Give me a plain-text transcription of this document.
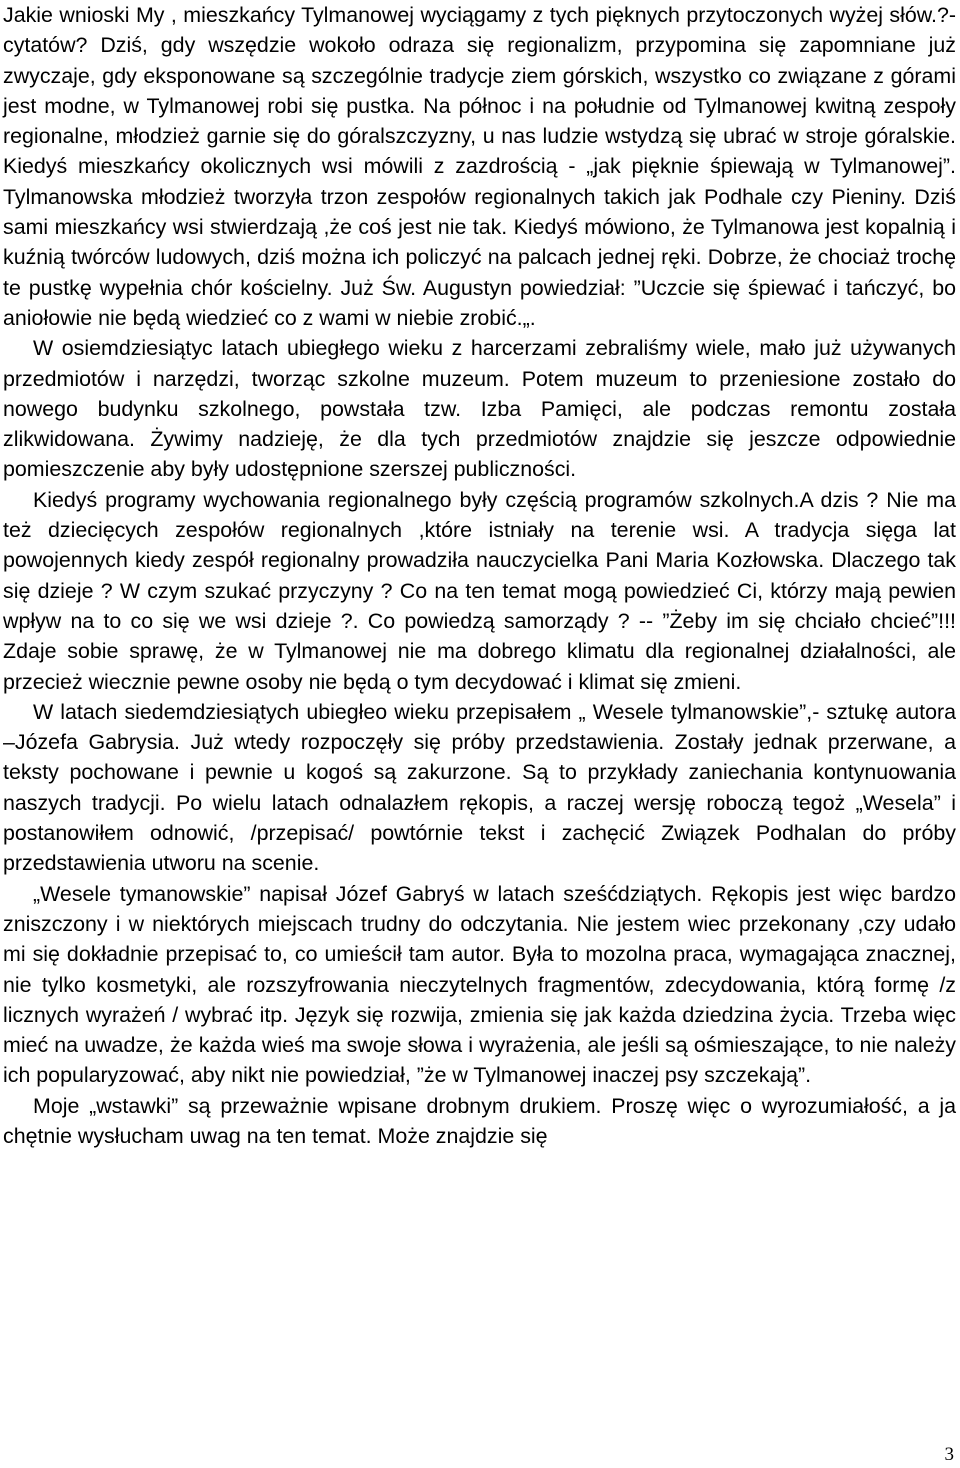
Jakie wnioski My , mieszkańcy Tylmanowej wyciągamy z tych pięknych przytoczonych wyżej słów.?-cytatów? Dziś, gdy wszędzie wokoło odraza się regionalizm, przypomina się zapomniane już zwyczaje, gdy eksponowane są szczególnie tradycje ziem górskich, wszystko co związane z górami jest modne, w Tylmanowej robi się pustka. Na północ i na południe od Tylmanowej kwitną zespoły regionalne, młodzież garnie się do góralszczyzny, u nas ludzie wstydzą się ubrać w stroje góralskie. Kiedyś mieszkańcy okolicznych wsi mówili z zazdrością - „jak pięknie śpiewają w Tylmanowej”. Tylmanowska młodzież tworzyła trzon zespołów regionalnych takich jak Podhale czy Pieniny. Dziś sami mieszkańcy wsi stwierdzają ,że coś jest nie tak. Kiedyś mówiono, że Tylmanowa jest kopalnią i kuźnią twórców ludowych, dziś można ich policzyć na palcach jednej ręki. Dobrze, że chociaż trochę te pustkę wypełnia chór kościelny. Już Św. Augustyn powiedział: ”Uczcie się śpiewać i tańczyć, bo aniołowie nie będą wiedzieć co z wami w niebie zrobić.„.

W osiemdziesiątyc latach ubiegłego wieku z harcerzami zebraliśmy wiele, mało już używanych przedmiotów i narzędzi, tworząc szkolne muzeum. Potem muzeum to przeniesione zostało do nowego budynku szkolnego, powstała tzw. Izba Pamięci, ale podczas remontu została zlikwidowana. Żywimy nadzieję, że dla tych przedmiotów znajdzie się jeszcze odpowiednie pomieszczenie aby były udostępnione szerszej publiczności.

Kiedyś programy wychowania regionalnego były częścią programów szkolnych.A dzis ? Nie ma też dziecięcych zespołów regionalnych ,które istniały na terenie wsi. A tradycja sięga lat powojennych kiedy zespół regionalny prowadziła nauczycielka Pani Maria Kozłowska. Dlaczego tak się dzieje ? W czym szukać przyczyny ? Co na ten temat mogą powiedzieć Ci, którzy mają pewien wpływ na to co się we wsi dzieje ?. Co powiedzą samorządy ? -- ”Żeby im się chciało chcieć”!!! Zdaje sobie sprawę, że w Tylmanowej nie ma dobrego klimatu dla regionalnej działalności, ale przecież wiecznie pewne osoby nie będą o tym decydować i klimat się zmieni.

W latach siedemdziesiątych ubiegłeo wieku przepisałem „ Wesele tylmanowskie”,- sztukę autora –Józefa Gabrysia. Już wtedy rozpoczęły się próby przedstawienia. Zostały jednak przerwane, a teksty pochowane i pewnie u kogoś są zakurzone. Są to przykłady zaniechania kontynuowania naszych tradycji. Po wielu latach odnalazłem rękopis, a raczej wersję roboczą tegoż „Wesela” i postanowiłem odnowić, /przepisać/ powtórnie tekst i zachęcić Związek Podhalan do próby przedstawienia utworu na scenie.

„Wesele tymanowskie” napisał Józef Gabryś w latach sześćdziątych. Rękopis jest więc bardzo zniszczony i w niektórych miejscach trudny do odczytania. Nie jestem wiec przekonany ,czy udało mi się dokładnie przepisać to, co umieścił tam autor. Była to mozolna praca, wymagająca znacznej, nie tylko kosmetyki, ale rozszyfrowania nieczytelnych fragmentów, zdecydowania, którą formę /z licznych wyrażeń / wybrać itp. Język się rozwija, zmienia się jak każda dziedzina życia. Trzeba więc mieć na uwadze, że każda wieś ma swoje słowa i wyrażenia, ale jeśli są ośmieszające, to nie należy ich popularyzować, aby nikt nie powiedział, ”że w Tylmanowej inaczej psy szczekają”.

Moje „wstawki” są przeważnie wpisane drobnym drukiem. Proszę więc o wyrozumiałość, a ja chętnie wysłucham uwag na ten temat. Może znajdzie się

3
